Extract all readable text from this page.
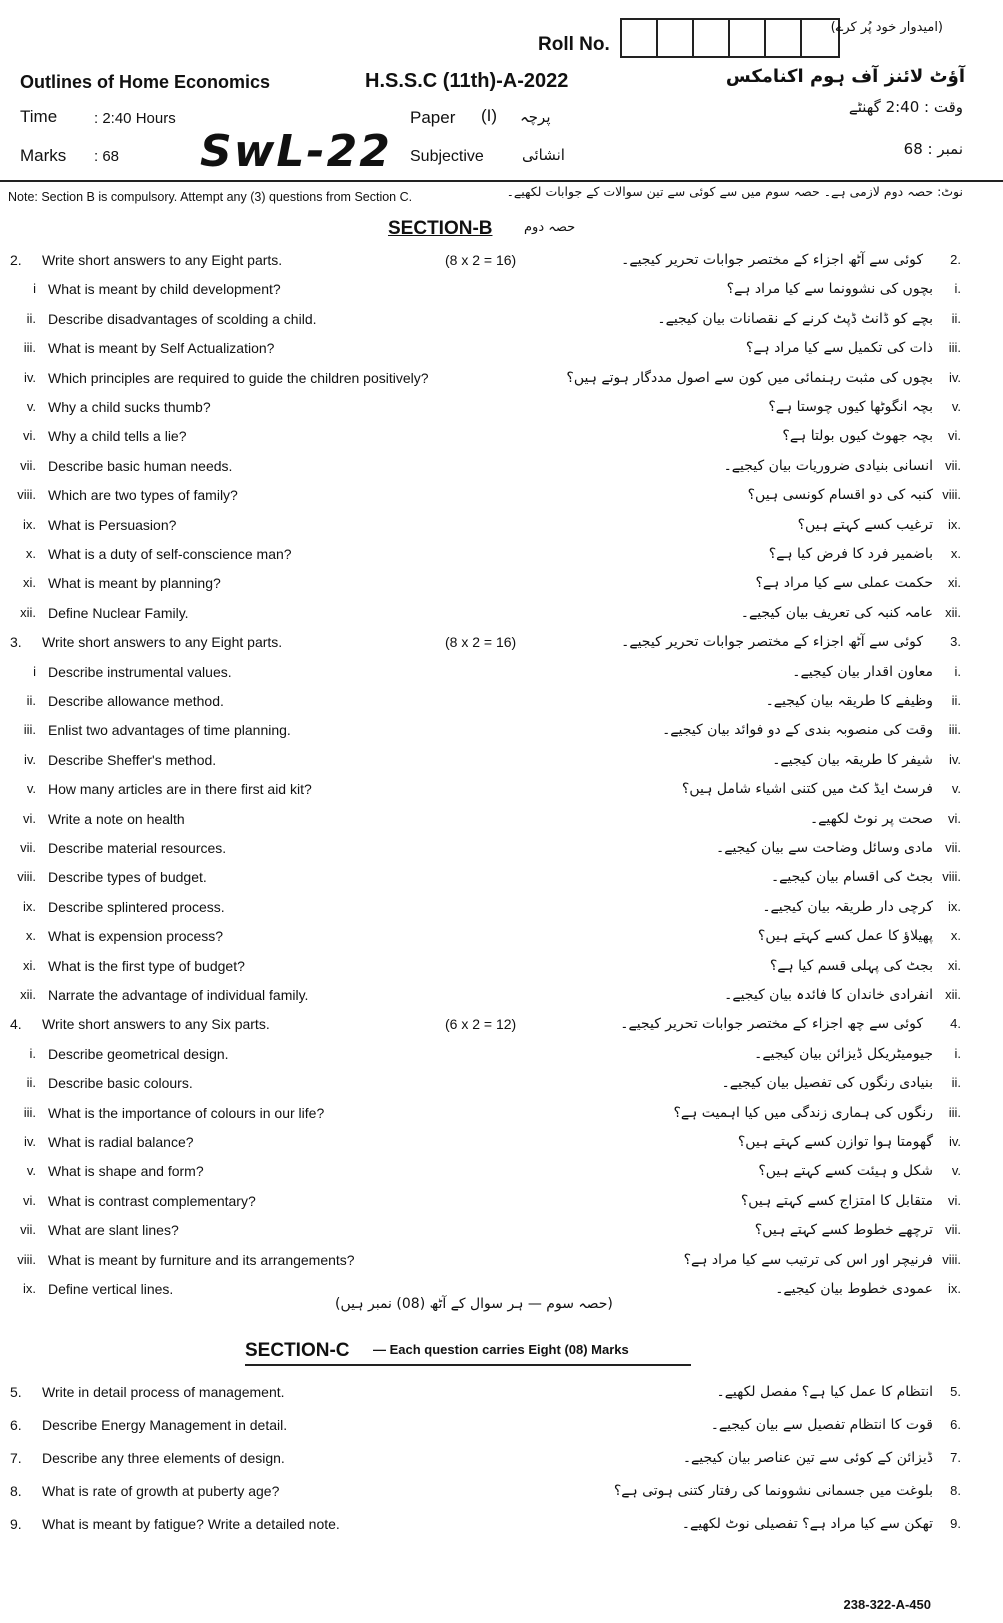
Roll No.
(امیدوار خود پُر کرے)
Outlines of Home Economics	H.S.S.C (11th)-A-2022	آؤٹ لائنز آف ہوم اکنامکس
Time : 2:40 Hours	Paper (I) پرچہ
وقت : 2:40 گھنٹے
Marks : 68 SwL-22 Subjective	انشائی	نمبر : 68
Note: Section B is compulsory. Attempt any (3) questions from Section C.	نوٹ: حصہ دوم لازمی ہے۔ حصہ سوم میں سے کوئی سے تین سوالات کے جوابات لکھیے۔
SECTION-B حصہ دوم
2. Write short answers to any Eight parts.	(8 x 2 = 16)	کوئی سے آٹھ اجزاء کے مختصر جوابات تحریر کیجیے۔ 2.
i What is meant by child development?	بچوں کی نشوونما سے کیا مراد ہے؟ i.
ii. Describe disadvantages of scolding a child.	بچے کو ڈانٹ ڈپٹ کرنے کے نقصانات بیان کیجیے۔ ii.
iii. What is meant by Self Actualization?	ذات کی تکمیل سے کیا مراد ہے؟ iii.
iv. Which principles are required to guide the children positively?	بچوں کی مثبت رہنمائی میں کون سے اصول مددگار ہوتے ہیں؟ iv.
v. Why a child sucks thumb?	بچہ انگوٹھا کیوں چوستا ہے؟ v.
vi. Why a child tells a lie?	بچہ جھوٹ کیوں بولتا ہے؟ vi.
vii. Describe basic human needs.	انسانی بنیادی ضروریات بیان کیجیے۔ vii.
viii. Which are two types of family?	کنبہ کی دو اقسام کونسی ہیں؟ viii.
ix. What is Persuasion?	ترغیب کسے کہتے ہیں؟ ix.
x. What is a duty of self-conscience man?	باضمیر فرد کا فرض کیا ہے؟ x.
xi. What is meant by planning?	حکمت عملی سے کیا مراد ہے؟ xi.
xii. Define Nuclear Family.	عامہ کنبہ کی تعریف بیان کیجیے۔ xii.
3. Write short answers to any Eight parts.	(8 x 2 = 16)	کوئی سے آٹھ اجزاء کے مختصر جوابات تحریر کیجیے۔ 3.
i Describe instrumental values.	معاون اقدار بیان کیجیے۔ i.
ii. Describe allowance method.	وظیفے کا طریقہ بیان کیجیے۔ ii.
iii. Enlist two advantages of time planning.	وقت کی منصوبہ بندی کے دو فوائد بیان کیجیے۔ iii.
iv. Describe Sheffer's method.	شیفر کا طریقہ بیان کیجیے۔ iv.
v. How many articles are in there first aid kit?	فرسٹ ایڈ کٹ میں کتنی اشیاء شامل ہیں؟ v.
vi. Write a note on health	صحت پر نوٹ لکھیے۔ vi.
vii. Describe material resources.	مادی وسائل وضاحت سے بیان کیجیے۔ vii.
viii. Describe types of budget.	بجٹ کی اقسام بیان کیجیے۔ viii.
ix. Describe splintered process.	کرچی دار طریقہ بیان کیجیے۔ ix.
x. What is expension process?	پھیلاؤ کا عمل کسے کہتے ہیں؟ x.
xi. What is the first type of budget?	بجٹ کی پہلی قسم کیا ہے؟ xi.
xii. Narrate the advantage of individual family.	انفرادی خاندان کا فائدہ بیان کیجیے۔ xii.
4. Write short answers to any Six parts.	(6 x 2 = 12)	کوئی سے چھ اجزاء کے مختصر جوابات تحریر کیجیے۔ 4.
i. Describe geometrical design.	جیومیٹریکل ڈیزائن بیان کیجیے۔ i.
ii. Describe basic colours.	بنیادی رنگوں کی تفصیل بیان کیجیے۔ ii.
iii. What is the importance of colours in our life?	رنگوں کی ہماری زندگی میں کیا اہمیت ہے؟ iii.
iv. What is radial balance?	گھومتا ہوا توازن کسے کہتے ہیں؟ iv.
v. What is shape and form?	شکل و ہیئت کسے کہتے ہیں؟ v.
vi. What is contrast complementary?	متقابل کا امتزاج کسے کہتے ہیں؟ vi.
vii. What are slant lines?	ترچھے خطوط کسے کہتے ہیں؟ vii.
viii. What is meant by furniture and its arrangements?	فرنیچر اور اس کی ترتیب سے کیا مراد ہے؟ viii.
ix. Define vertical lines.	عمودی خطوط بیان کیجیے۔ ix.
(حصہ سوم — ہر سوال کے آٹھ (08) نمبر ہیں)
SECTION-C — Each question carries Eight (08) Marks
5. Write in detail process of management.	انتظام کا عمل کیا ہے؟ مفصل لکھیے۔ 5.
6. Describe Energy Management in detail.	قوت کا انتظام تفصیل سے بیان کیجیے۔ 6.
7. Describe any three elements of design.	ڈیزائن کے کوئی سے تین عناصر بیان کیجیے۔ 7.
8. What is rate of growth at puberty age?	بلوغت میں جسمانی نشوونما کی رفتار کتنی ہوتی ہے؟ 8.
9. What is meant by fatigue? Write a detailed note.	تھکن سے کیا مراد ہے؟ تفصیلی نوٹ لکھیے۔ 9.
238-322-A-450
